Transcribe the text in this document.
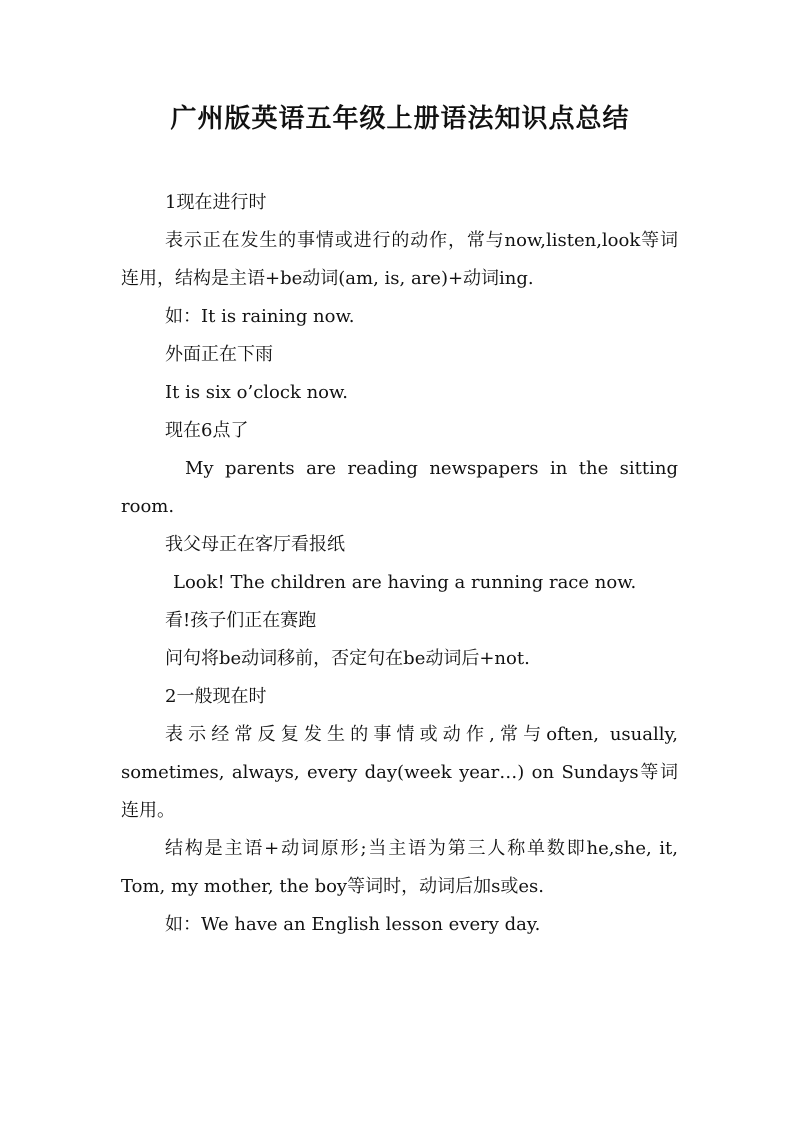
广州版英语五年级上册语法知识点总结

1现在进行时

表示正在发生的事情或进行的动作，常与now,listen,look等词连用，结构是主语+be动词(am, is, are)+动词ing.

如：It is raining now.

外面正在下雨

It is six o’clock now.

现在6点了

My parents are reading newspapers in the sitting room.

我父母正在客厅看报纸

Look! The children are having a running race now.

看!孩子们正在赛跑

问句将be动词移前，否定句在be动词后+not.

2一般现在时

表示经常反复发生的事情或动作,常与often, usually, sometimes, always, every day(week year…) on Sundays等词连用。

结构是主语+动词原形;当主语为第三人称单数即he,she, it, Tom, my mother, the boy等词时，动词后加s或es.

如：We have an English lesson every day.
